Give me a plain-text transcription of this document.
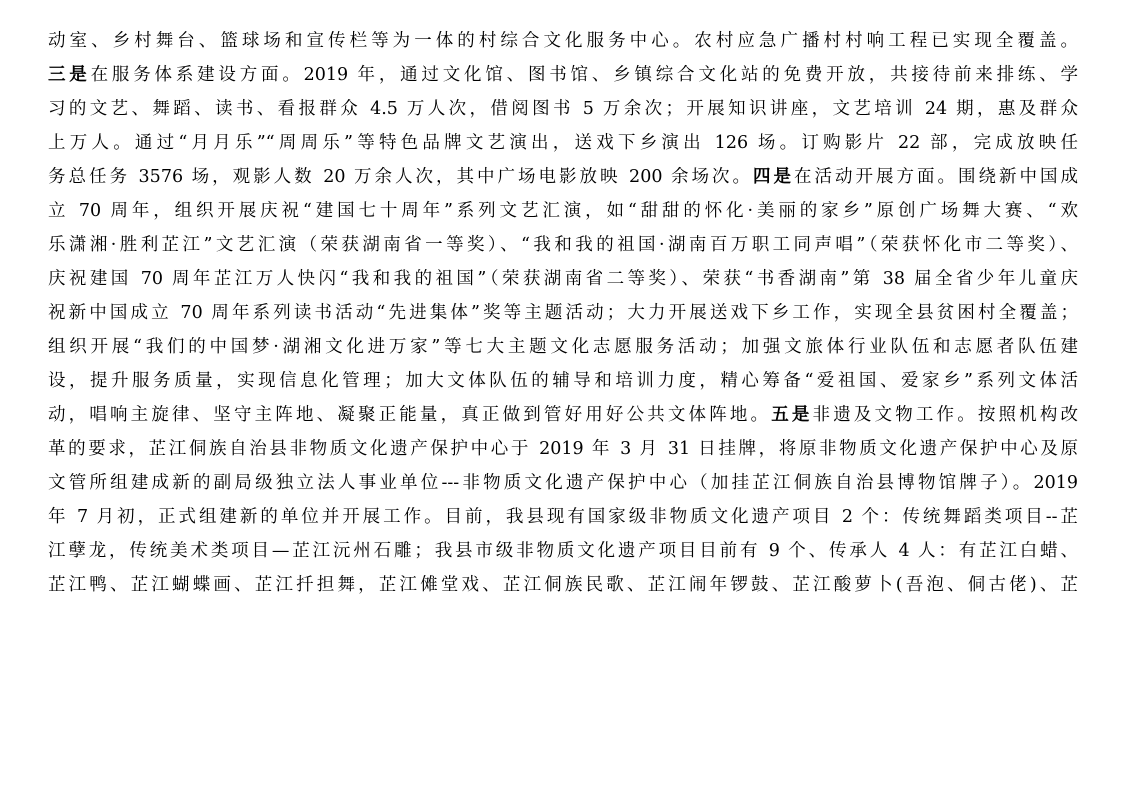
动室、乡村舞台、篮球场和宣传栏等为一体的村综合文化服务中心。农村应急广播村村响工程已实现全覆盖。
三是在服务体系建设方面。2019 年，通过文化馆、图书馆、乡镇综合文化站的免费开放，共接待前来排练、学
习的文艺、舞蹈、读书、看报群众 4.5 万人次，借阅图书 5 万余次；开展知识讲座，文艺培训 24 期，惠及群众
上万人。通过“月月乐”“周周乐”等特色品牌文艺演出，送戏下乡演出 126 场。订购影片 22 部，完成放映任
务总任务 3576 场，观影人数 20 万余人次，其中广场电影放映 200 余场次。四是在活动开展方面。围绕新中国成
立 70 周年，组织开展庆祝“建国七十周年”系列文艺汇演，如“甜甜的怀化·美丽的家乡”原创广场舞大赛、“欢
乐潇湘·胜利芷江”文艺汇演（荣获湖南省一等奖）、“我和我的祖国·湖南百万职工同声唱”（荣获怀化市二等奖）、
庆祝建国 70 周年芷江万人快闪“我和我的祖国”（荣获湖南省二等奖）、荣获“书香湖南”第 38 届全省少年儿童庆
祝新中国成立 70 周年系列读书活动“先进集体”奖等主题活动；大力开展送戏下乡工作，实现全县贫困村全覆盖；
组织开展“我们的中国梦·湖湘文化进万家”等七大主题文化志愿服务活动；加强文旅体行业队伍和志愿者队伍建
设，提升服务质量，实现信息化管理；加大文体队伍的辅导和培训力度，精心筹备“爱祖国、爱家乡”系列文体活
动，唱响主旋律、坚守主阵地、凝聚正能量，真正做到管好用好公共文体阵地。五是非遗及文物工作。按照机构改
革的要求，芷江侗族自治县非物质文化遗产保护中心于 2019 年 3 月 31 日挂牌，将原非物质文化遗产保护中心及原
文管所组建成新的副局级独立法人事业单位---非物质文化遗产保护中心（加挂芷江侗族自治县博物馆牌子）。2019
年 7 月初，正式组建新的单位并开展工作。目前，我县现有国家级非物质文化遗产项目 2 个：传统舞蹈类项目--芷
江孽龙，传统美术类项目—芷江沅州石雕；我县市级非物质文化遗产项目目前有 9 个、传承人 4 人：有芷江白蜡、
芷江鸭、芷江蝴蝶画、芷江扦担舞，芷江傩堂戏、芷江侗族民歌、芷江闹年锣鼓、芷江酸萝卜(吾泡、侗古佬)、芷
